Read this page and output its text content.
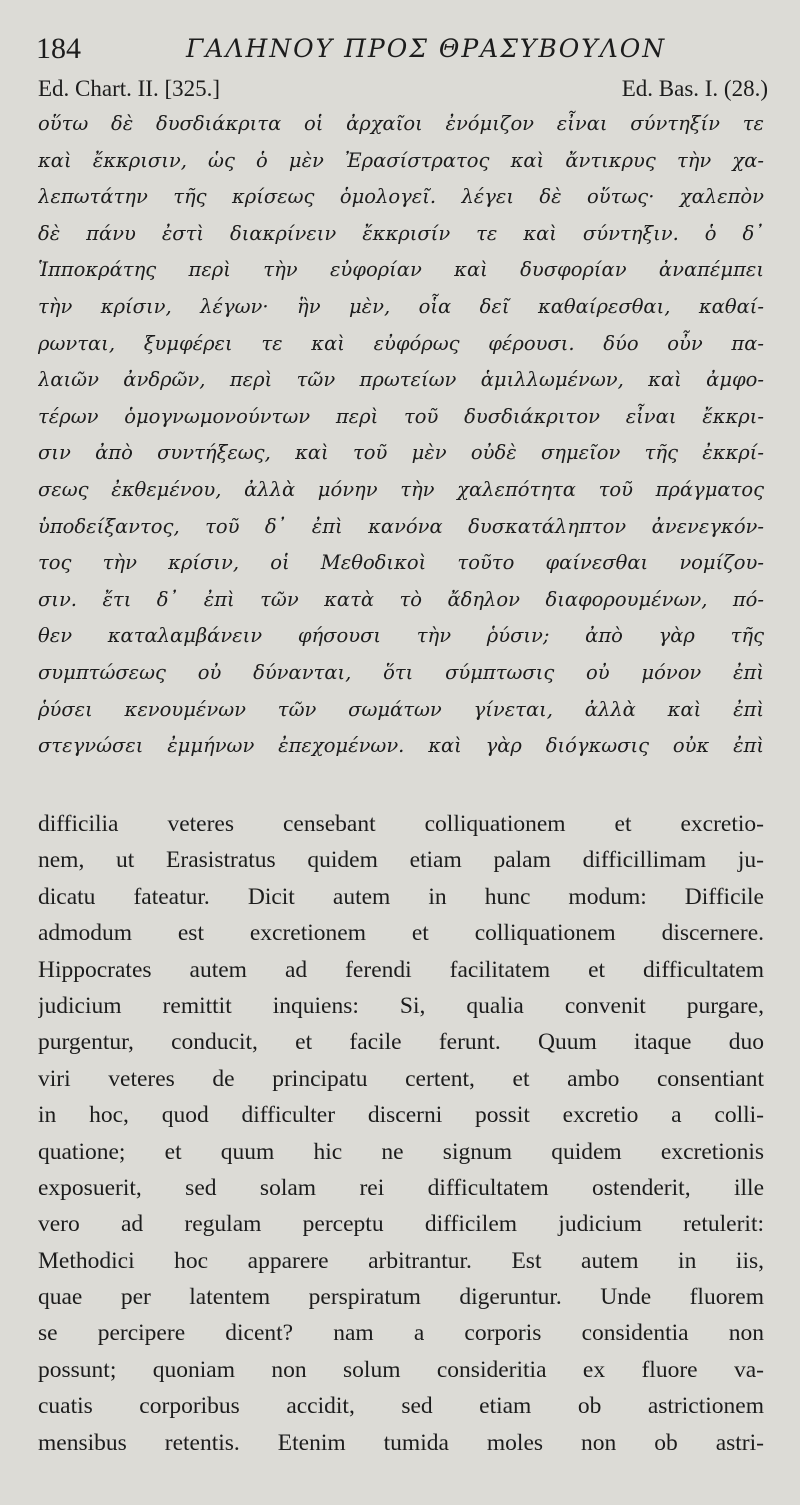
184	ΓΑΛΗΝΟΥ ΠΡΟΣ ΘΡΑΣΥΒΟΥΛΟΝ
Ed. Chart. II. [325.]	Ed. Bas. I. (28.)
οὕτω δὲ δυσδιάκριτα οἱ ἀρχαῖοι ἐνόμιζον εἶναι σύντηξίν τε
καὶ ἔκκρισιν, ὡς ὁ μὲν Ἐρασίστρατος καὶ ἄντικρυς τὴν χα-
λεπωτάτην τῆς κρίσεως ὁμολογεῖ. λέγει δὲ οὕτως· χαλεπὸν
δὲ πάνυ ἐστὶ διακρίνειν ἔκκρισίν τε καὶ σύντηξιν. ὁ δ᾽
Ἱπποκράτης περὶ τὴν εὐφορίαν καὶ δυσφορίαν ἀναπέμπει
τὴν κρίσιν, λέγων· ἣν μὲν, οἷα δεῖ καθαίρεσθαι, καθαί-
ρωνται, ξυμφέρει τε καὶ εὐφόρως φέρουσι. δύο οὖν πα-
λαιῶν ἀνδρῶν, περὶ τῶν πρωτείων ἁμιλλωμένων, καὶ ἀμφο-
τέρων ὁμογνωμονούντων περὶ τοῦ δυσδιάκριτον εἶναι ἔκκρι-
σιν ἀπὸ συντήξεως, καὶ τοῦ μὲν οὐδὲ σημεῖον τῆς ἐκκρί-
σεως ἐκθεμένου, ἀλλὰ μόνην τὴν χαλεπότητα τοῦ πράγματος
ὑποδείξαντος, τοῦ δ᾽ ἐπὶ κανόνα δυσκατάληπτον ἀνενεγκόν-
τος τὴν κρίσιν, οἱ Μεθοδικοὶ τοῦτο φαίνεσθαι νομίζου-
σιν. ἔτι δ᾽ ἐπὶ τῶν κατὰ τὸ ἄδηλον διαφορουμένων, πό-
θεν καταλαμβάνειν φήσουσι τὴν ῥύσιν; ἀπὸ γὰρ τῆς
συμπτώσεως οὐ δύνανται, ὅτι σύμπτωσις οὐ μόνον ἐπὶ
ῥύσει κενουμένων τῶν σωμάτων γίνεται, ἀλλὰ καὶ ἐπὶ
στεγνώσει ἐμμήνων ἐπεχομένων. καὶ γὰρ διόγκωσις οὐκ ἐπὶ
difficilia veteres censebant colliquationem et excretio-
nem, ut Erasistratus quidem etiam palam difficillimam ju-
dicatu fateatur. Dicit autem in hunc modum: Difficile
admodum est excretionem et colliquationem discernere.
Hippocrates autem ad ferendi facilitatem et difficultatem
judicium remittit inquiens: Si, qualia convenit purgare,
purgentur, conducit, et facile ferunt. Quum itaque duo
viri veteres de principatu certent, et ambo consentiant
in hoc, quod difficulter discerni possit excretio a colli-
quatione; et quum hic ne signum quidem excretionis
exposuerit, sed solam rei difficultatem ostenderit, ille
vero ad regulam perceptu difficilem judicium retulerit:
Methodici hoc apparere arbitrantur. Est autem in iis,
quae per latentem perspiratum digeruntur. Unde fluorem
se percipere dicent? nam a corporis considentia non
possunt; quoniam non solum consideritia ex fluore va-
cuatis corporibus accidit, sed etiam ob astrictionem
mensibus retentis. Etenim tumida moles non ob astri-
